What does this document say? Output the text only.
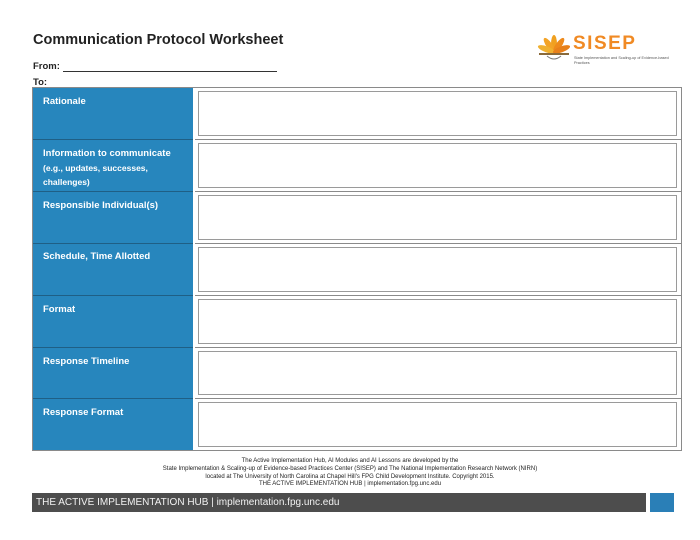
Communication Protocol Worksheet
From:
To:
SISEP
State Implementation and Scaling-up of Evidence-based Practices
Rationale
Information to communicate
(e.g., updates, successes, challenges)
Responsible Individual(s)
Schedule, Time Allotted
Format
Response Timeline
Response Format
The Active Implementation Hub, AI Modules and AI Lessons are developed by the
State Implementation & Scaling-up of Evidence-based Practices Center (SISEP) and The National Implementation Research Network (NIRN)
located at The University of North Carolina at Chapel Hill's FPG Child Development Institute. Copyright 2015.
THE ACTIVE IMPLEMENTATION HUB | implementation.fpg.unc.edu
THE ACTIVE IMPLEMENTATION HUB | implementation.fpg.unc.edu
